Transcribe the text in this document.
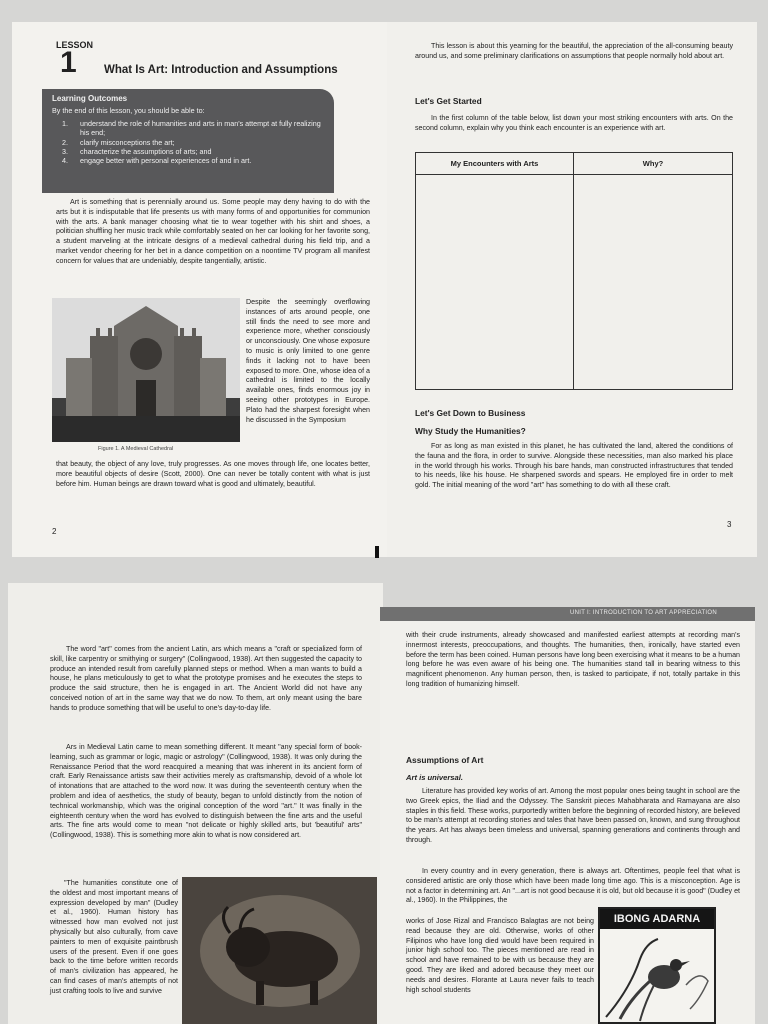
LESSON
1 What Is Art: Introduction and Assumptions
Learning Outcomes

By the end of this lesson, you should be able to:

1.	understand the role of humanities and arts in man's attempt at fully realizing his end;
2.	clarify misconceptions the art;
3.	characterize the assumptions of arts; and
4.	engage better with personal experiences of and in art.

Art is something that is perennially around us. Some people may deny having to do with the arts but it is indisputable that life presents us with many forms of and opportunities for communion with the arts. A bank manager choosing what tie to wear together with his shirt and shoes, a politician shuffling her music track while comfortably seated on her car looking for her favorite song, a student marveling at the intricate designs of a medieval cathedral during his field trip, and a market vendor cheering for her bet in a dance competition on a noontime TV program all manifest concern for values that are undeniably, despite tangentially, artistic.

Figure 1. A Medieval Cathedral

Despite the seemingly overflowing instances of arts around people, one still finds the need to see more and experience more, whether consciously or unconsciously. One whose exposure to music is only limited to one genre finds it lacking not to have been exposed to more. One, whose idea of a cathedral is limited to the locally available ones, finds enormous joy in seeing other prototypes in Europe. Plato had the sharpest foresight when he discussed in the Symposium

that beauty, the object of any love, truly progresses. As one moves through life, one locates better, more beautiful objects of desire (Scott, 2000). One can never be totally content with what is just before him. Human beings are drawn toward what is good and ultimately, beautiful.

2

This lesson is about this yearning for the beautiful, the appreciation of the all-consuming beauty around us, and some preliminary clarifications on assumptions that people normally hold about art.

Let's Get Started

In the first column of the table below, list down your most striking encounters with arts. On the second column, explain why you think each encounter is an experience with art.

My Encounters with Arts	Why?
Let's Get Down to Business
Why Study the Humanities?

For as long as man existed in this planet, he has cultivated the land, altered the conditions of the fauna and the flora, in order to survive. Alongside these necessities, man also marked his place in the world through his works. Through his bare hands, man constructed infrastructures that tended to his needs, like his house. He sharpened swords and spears. He employed fire in order to melt gold. The initial meaning of the word "art" has something to do with all these craft.

3

The word "art" comes from the ancient Latin, ars which means a "craft or specialized form of skill, like carpentry or smithying or surgery" (Collingwood, 1938). Art then suggested the capacity to produce an intended result from carefully planned steps or method. When a man wants to build a house, he plans meticulously to get to what the prototype promises and he executes the steps to produce the said structure, then he is engaged in art. The Ancient World did not have any conceived notion of art in the same way that we do now. To them, art only meant using the bare hands to produce something that will be useful to one's day-to-day life.

Ars in Medieval Latin came to mean something different. It meant "any special form of book-learning, such as grammar or logic, magic or astrology" (Collingwood, 1938). It was only during the Renaissance Period that the word reacquired a meaning that was inherent in its ancient form of craft. Early Renaissance artists saw their activities merely as craftsmanship, devoid of a whole lot of intonations that are attached to the word now. It was during the seventeenth century when the problem and idea of aesthetics, the study of beauty, began to unfold distinctly from the notion of technical workmanship, which was the original conception of the word "art." It was finally in the eighteenth century when the word has evolved to distinguish between the fine arts and the useful arts. The fine arts would come to mean "not delicate or highly skilled arts, but 'beautiful' arts" (Collingwood, 1938). This is something more akin to what is now considered art.

"The humanities constitute one of the oldest and most important means of expression developed by man" (Dudley et al., 1960). Human history has witnessed how man evolved not just physically but also culturally, from cave painters to men of exquisite paintbrush users of the present. Even if one goes back to the time before written records of man's civilization has appeared, he can find cases of man's attempts of not just crafting tools to live and survive

UNIT I: INTRODUCTION TO ART APPRECIATION

with their crude instruments, already showcased and manifested earliest attempts at recording man's innermost interests, preoccupations, and thoughts. The humanities, then, ironically, have started even before the term has been coined. Human persons have long been exercising what it means to be a human long before he was even aware of his being one. The humanities stand tall in bearing witness to this magnificent phenomenon. Any human person, then, is tasked to participate, if not, totally partake in this long tradition of humanizing himself.

Assumptions of Art
Art is universal.

Literature has provided key works of art. Among the most popular ones being taught in school are the two Greek epics, the Iliad and the Odyssey. The Sanskrit pieces Mahabharata and Ramayana are also staples in this field. These works, purportedly written before the beginning of recorded history, are believed to be man's attempt at recording stories and tales that have been passed on, known, and sung throughout the years. Art has always been timeless and universal, spanning generations and continents through and through.

In every country and in every generation, there is always art. Oftentimes, people feel that what is considered artistic are only those which have been made long time ago. This is a misconception. Age is not a factor in determining art. An "...art is not good because it is old, but old because it is good" (Dudley et al., 1960). In the Philippines, the

works of Jose Rizal and Francisco Balagtas are not being read because they are old. Otherwise, works of other Filipinos who have long died would have been required in junior high school too. The pieces mentioned are read in school and have remained to be with us because they are good. They are liked and adored because they meet our needs and desires. Florante at Laura never fails to teach high school students

IBONG ADARNA
